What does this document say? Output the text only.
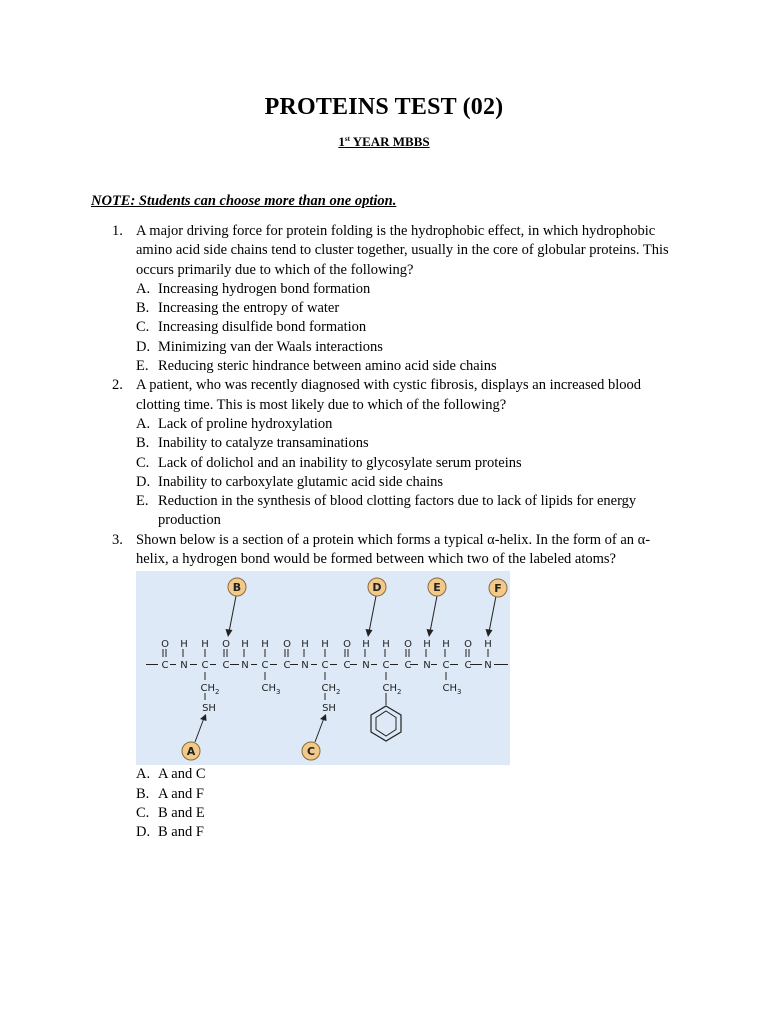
PROTEINS TEST (02)
1st YEAR MBBS
NOTE: Students can choose more than one option.
1. A major driving force for protein folding is the hydrophobic effect, in which hydrophobic amino acid side chains tend to cluster together, usually in the core of globular proteins. This occurs primarily due to which of the following?
A. Increasing hydrogen bond formation
B. Increasing the entropy of water
C. Increasing disulfide bond formation
D. Minimizing van der Waals interactions
E. Reducing steric hindrance between amino acid side chains
2. A patient, who was recently diagnosed with cystic fibrosis, displays an increased blood clotting time. This is most likely due to which of the following?
A. Lack of proline hydroxylation
B. Inability to catalyze transaminations
C. Lack of dolichol and an inability to glycosylate serum proteins
D. Inability to carboxylate glutamic acid side chains
E. Reduction in the synthesis of blood clotting factors due to lack of lipids for energy production
3. Shown below is a section of a protein which forms a typical α-helix. In the form of an α-helix, a hydrogen bond would be formed between which two of the labeled atoms?
O H H O H H O H H O H H O H H O H
C N C C N C C N C C N C C N C C N
$CH_2$
SH
$CH_3$	$CH_2$
SH
$CH_2$	$CH_3$
B	D	E	F
A	C
A. A and C
B. A and F
C. B and E
D. B and F
